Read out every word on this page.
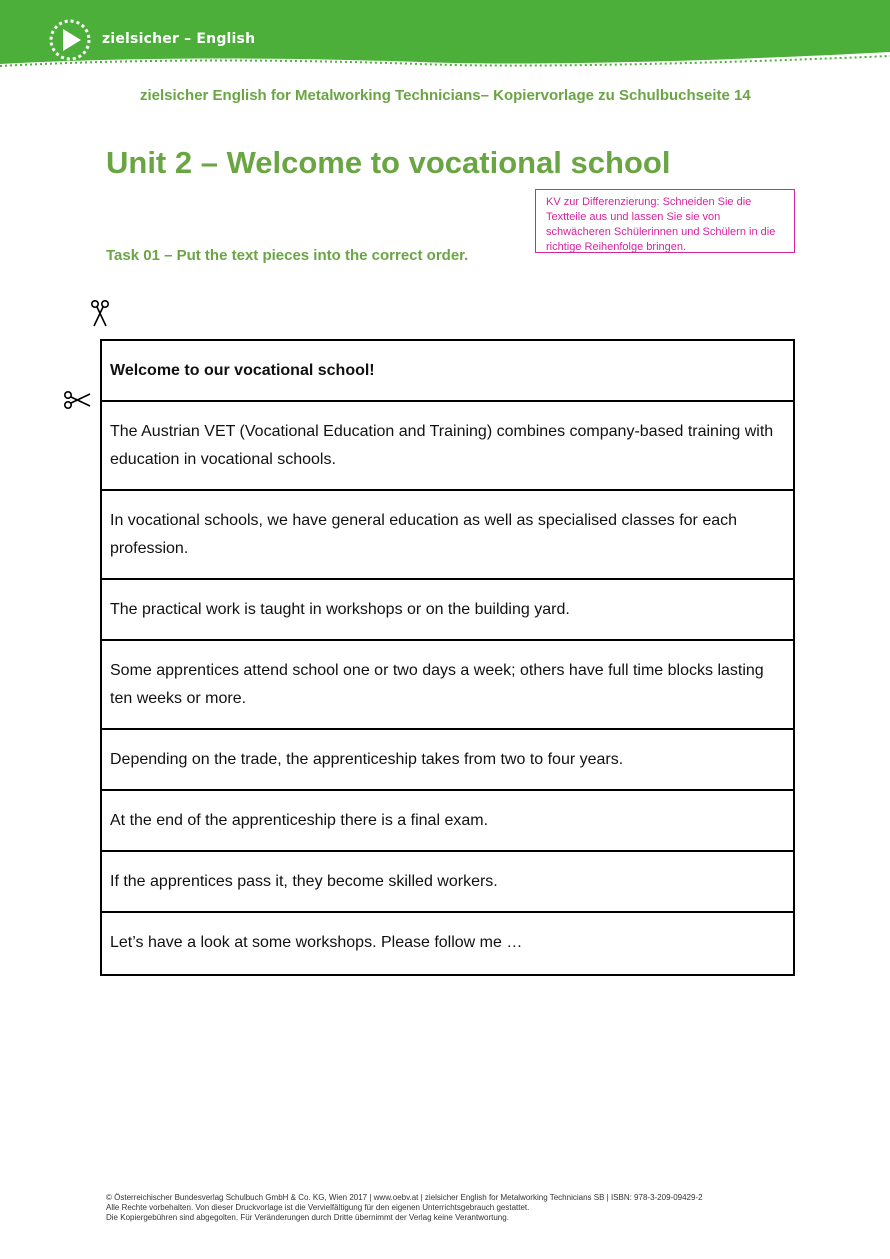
zielsicher – English
zielsicher English for Metalworking Technicians– Kopiervorlage zu Schulbuchseite 14
Unit 2 – Welcome to vocational school
KV zur Differenzierung: Schneiden Sie die Textteile aus und lassen Sie sie von schwächeren Schülerinnen und Schülern in die richtige Reihenfolge bringen.
Task 01 – Put the text pieces into the correct order.
Welcome to our vocational school!
The Austrian VET (Vocational Education and Training) combines company-based training with education in vocational schools.
In vocational schools, we have general education as well as specialised classes for each profession.
The practical work is taught in workshops or on the building yard.
Some apprentices attend school one or two days a week; others have full time blocks lasting ten weeks or more.
Depending on the trade, the apprenticeship takes from two to four years.
At the end of the apprenticeship there is a final exam.
If the apprentices pass it, they become skilled workers.
Let’s have a look at some workshops. Please follow me …
© Österreichischer Bundesverlag Schulbuch GmbH & Co. KG, Wien 2017 | www.oebv.at | zielsicher English for Metalworking Technicians SB | ISBN: 978-3-209-09429-2
Alle Rechte vorbehalten. Von dieser Druckvorlage ist die Vervielfältigung für den eigenen Unterrichtsgebrauch gestattet.
Die Kopiergebühren sind abgegolten. Für Veränderungen durch Dritte übernimmt der Verlag keine Verantwortung.
